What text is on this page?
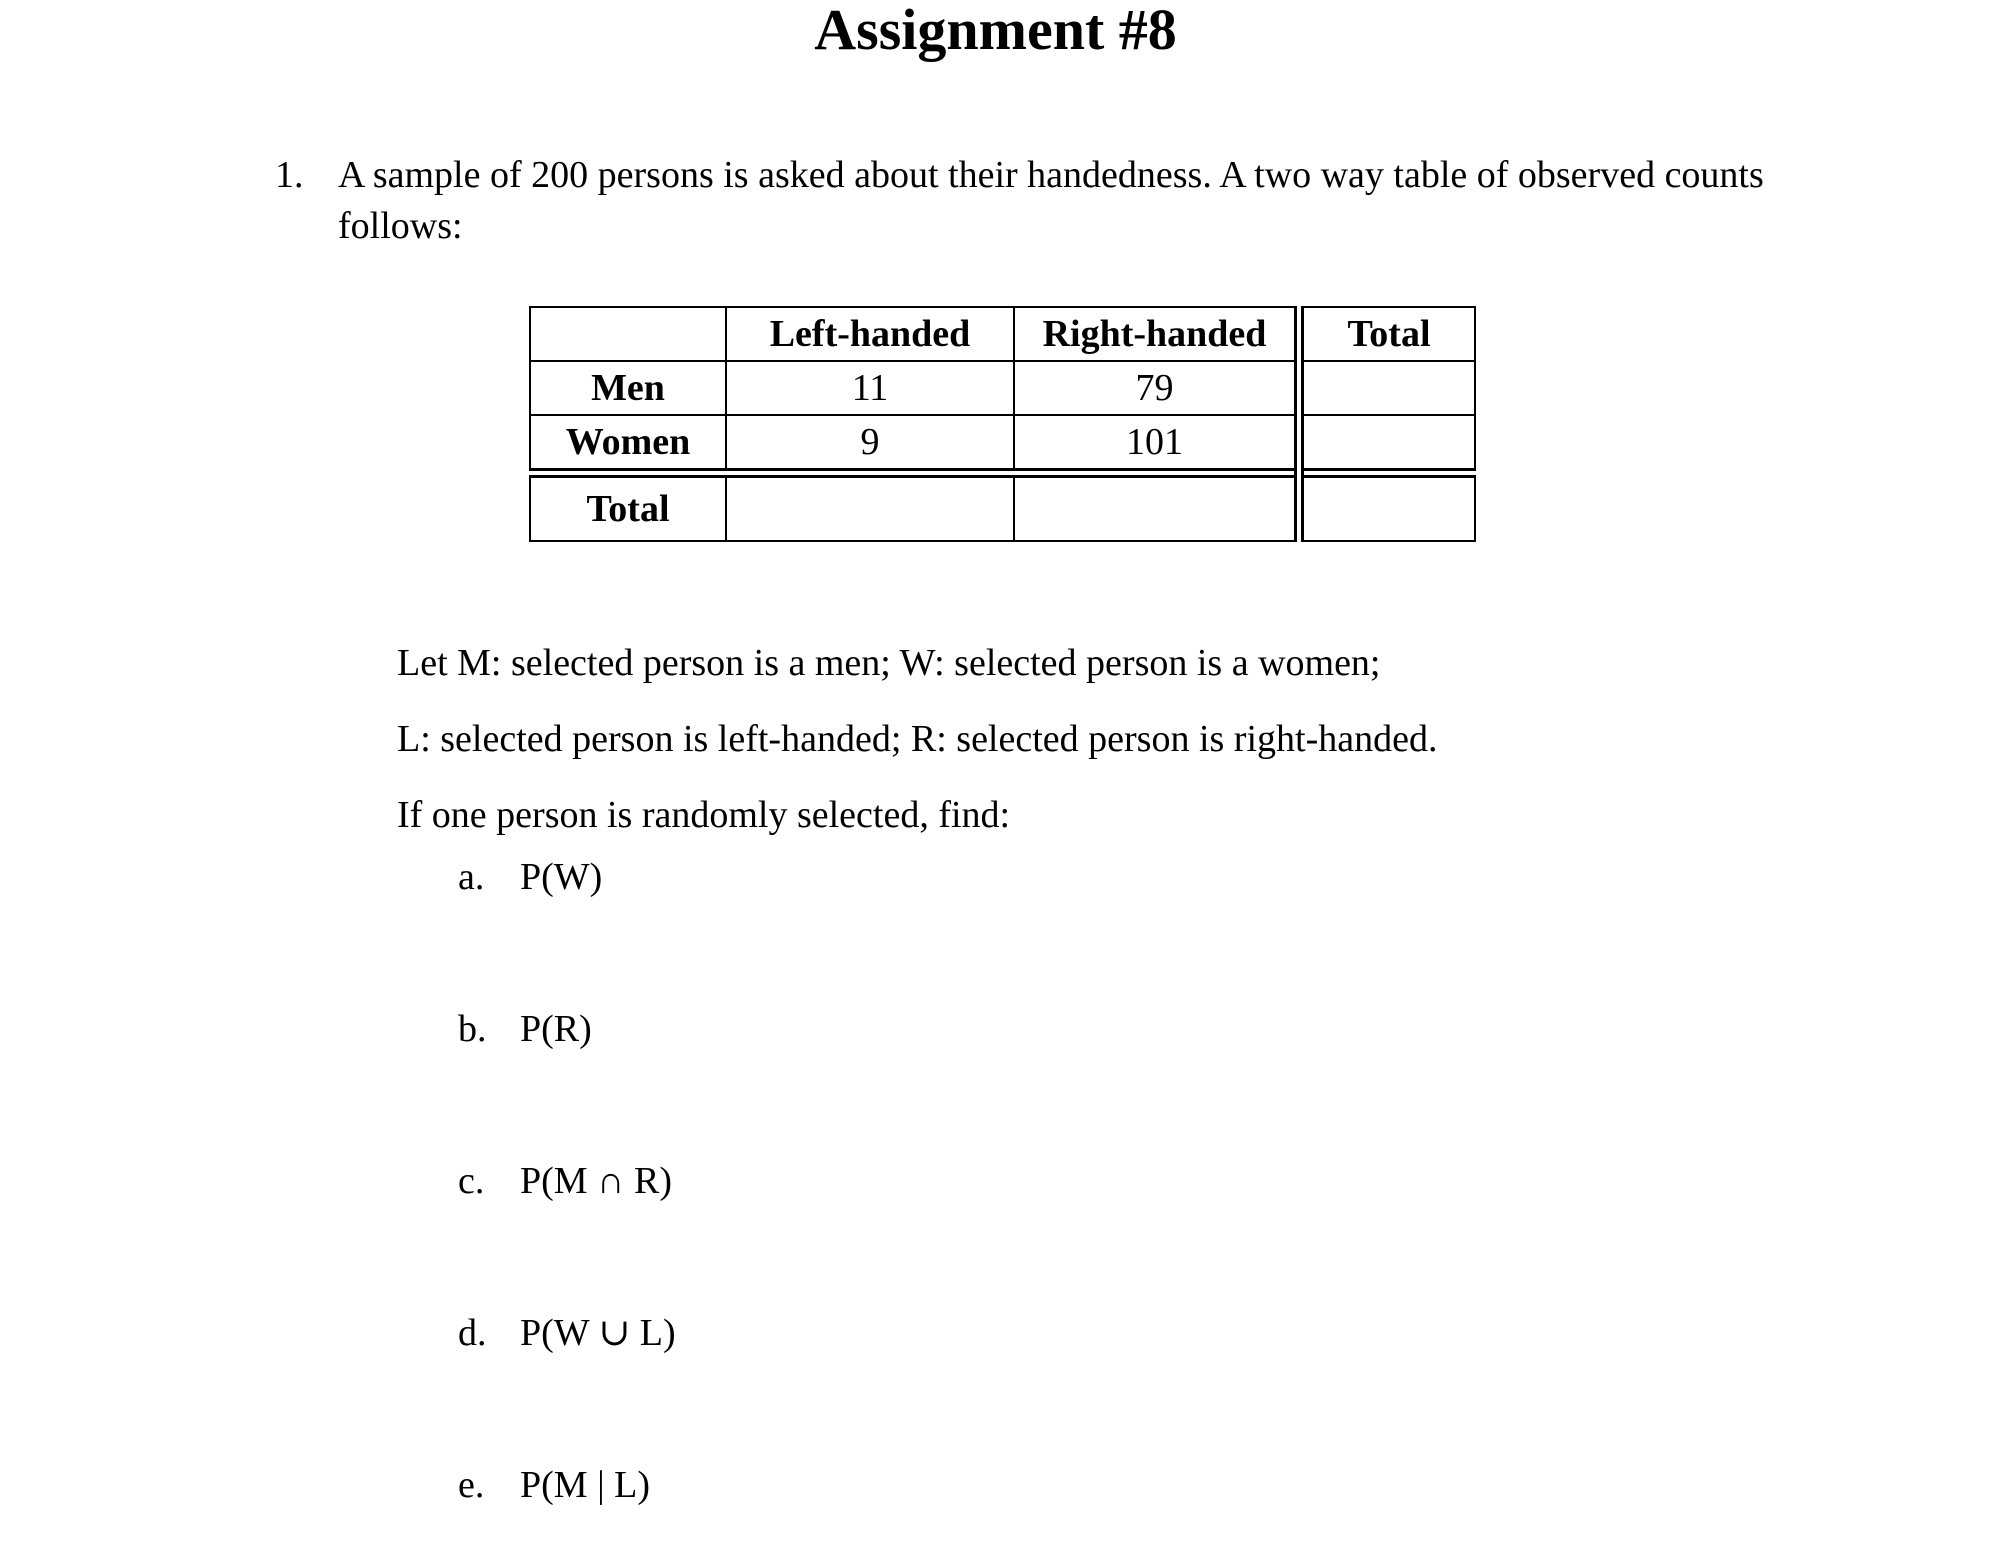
Assignment #8
1. A sample of 200 persons is asked about their handedness. A two way table of observed counts follows:
	Left-handed	Right-handed	Total
Men	11	79	
Women	9	101	
Total			
Let M: selected person is a men; W: selected person is a women;
L: selected person is left-handed; R: selected person is right-handed.
If one person is randomly selected, find:
a. P(W)
b. P(R)
c. P(M ∩ R)
d. P(W ∪ L)
e. P(M | L)
